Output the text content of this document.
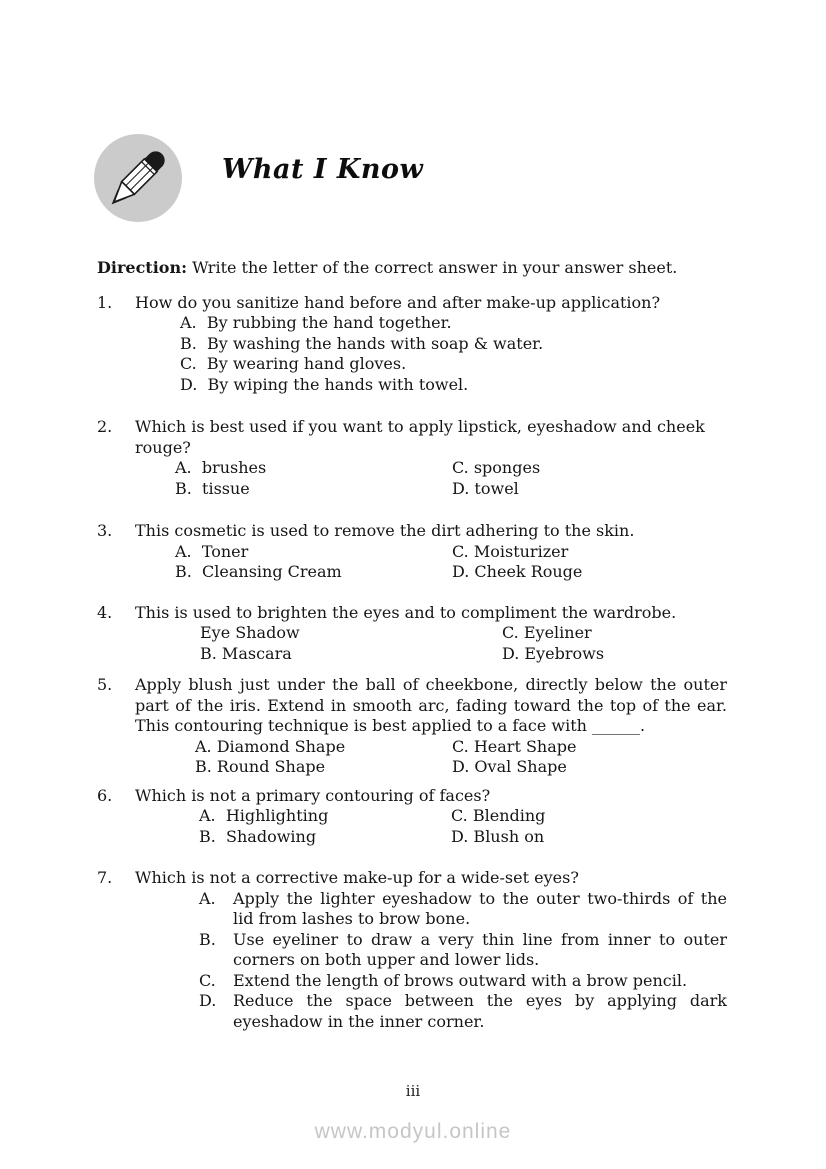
What I Know

Direction: Write the letter of the correct answer in your answer sheet.

1. How do you sanitize hand before and after make-up application?
A.  By rubbing the hand together.
B.  By washing the hands with soap & water.
C.  By wearing hand gloves.
D.  By wiping the hands with towel.
2. Which is best used if you want to apply lipstick, eyeshadow and cheek rouge?
A.  brushes	C. sponges
B.  tissue	D. towel
3. This cosmetic is used to remove the dirt adhering to the skin.
A.  Toner	C. Moisturizer
B.  Cleansing Cream	D. Cheek Rouge
4. This is used to brighten the eyes and to compliment the wardrobe.
Eye Shadow	C. Eyeliner
B. Mascara	D. Eyebrows
5. Apply blush just under the ball of cheekbone, directly below the outer part of the iris. Extend in smooth arc, fading toward the top of the ear. This contouring technique is best applied to a face with ______.
A. Diamond Shape	C. Heart Shape
B. Round Shape	D. Oval Shape
6. Which is not a primary contouring of faces?
A.  Highlighting	C. Blending
B.  Shadowing	D. Blush on
7. Which is not a corrective make-up for a wide-set eyes?
A.	Apply the lighter eyeshadow to the outer two-thirds of the lid from lashes to brow bone.
B.	Use eyeliner to draw a very thin line from inner to outer corners on both upper and lower lids.
C.	Extend the length of brows outward with a brow pencil.
D.	Reduce the space between the eyes by applying dark eyeshadow in the inner corner.
iii
www.modyul.online
